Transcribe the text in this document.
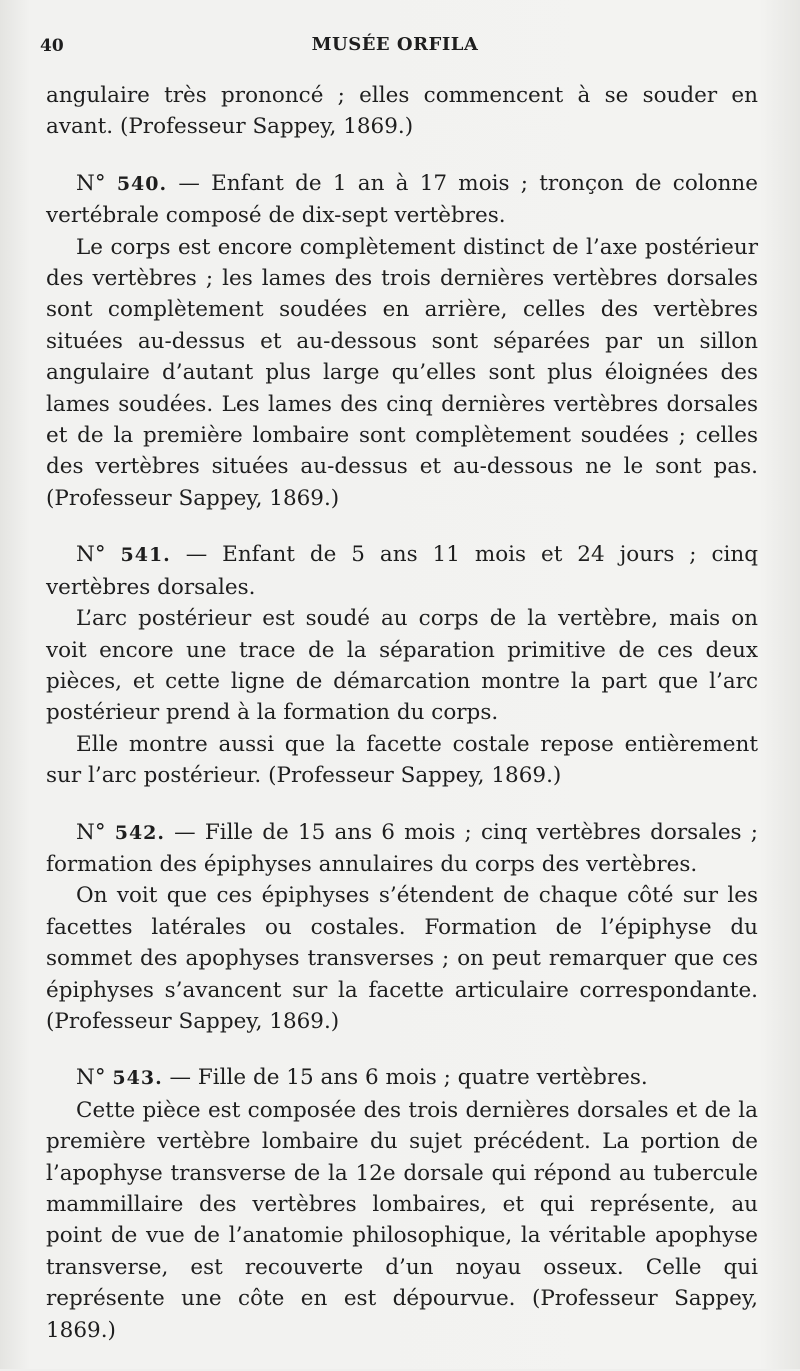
40	MUSÉE ORFILA

angulaire très prononcé ; elles commencent à se souder en avant. (Professeur Sappey, 1869.)

N° 540. — Enfant de 1 an à 17 mois ; tronçon de colonne vertébrale composé de dix-sept vertèbres.

Le corps est encore complètement distinct de l’axe postérieur des vertèbres ; les lames des trois dernières vertèbres dorsales sont complètement soudées en arrière, celles des vertèbres situées au-dessus et au-dessous sont séparées par un sillon angulaire d’autant plus large qu’elles sont plus éloignées des lames soudées. Les lames des cinq dernières vertèbres dorsales et de la première lombaire sont complètement soudées ; celles des vertèbres situées au-dessus et au-dessous ne le sont pas. (Professeur Sappey, 1869.)

N° 541. — Enfant de 5 ans 11 mois et 24 jours ; cinq vertèbres dorsales.

L’arc postérieur est soudé au corps de la vertèbre, mais on voit encore une trace de la séparation primitive de ces deux pièces, et cette ligne de démarcation montre la part que l’arc postérieur prend à la formation du corps.

Elle montre aussi que la facette costale repose entièrement sur l’arc postérieur. (Professeur Sappey, 1869.)

N° 542. — Fille de 15 ans 6 mois ; cinq vertèbres dorsales ; formation des épiphyses annulaires du corps des vertèbres.

On voit que ces épiphyses s’étendent de chaque côté sur les facettes latérales ou costales. Formation de l’épiphyse du sommet des apophyses transverses ; on peut remarquer que ces épiphyses s’avancent sur la facette articulaire correspondante. (Professeur Sappey, 1869.)

N° 543. — Fille de 15 ans 6 mois ; quatre vertèbres.

Cette pièce est composée des trois dernières dorsales et de la première vertèbre lombaire du sujet précédent. La portion de l’apophyse transverse de la 12e dorsale qui répond au tubercule mammillaire des vertèbres lombaires, et qui représente, au point de vue de l’anatomie philosophique, la véritable apophyse transverse, est recouverte d’un noyau osseux. Celle qui représente une côte en est dépourvue. (Professeur Sappey, 1869.)
